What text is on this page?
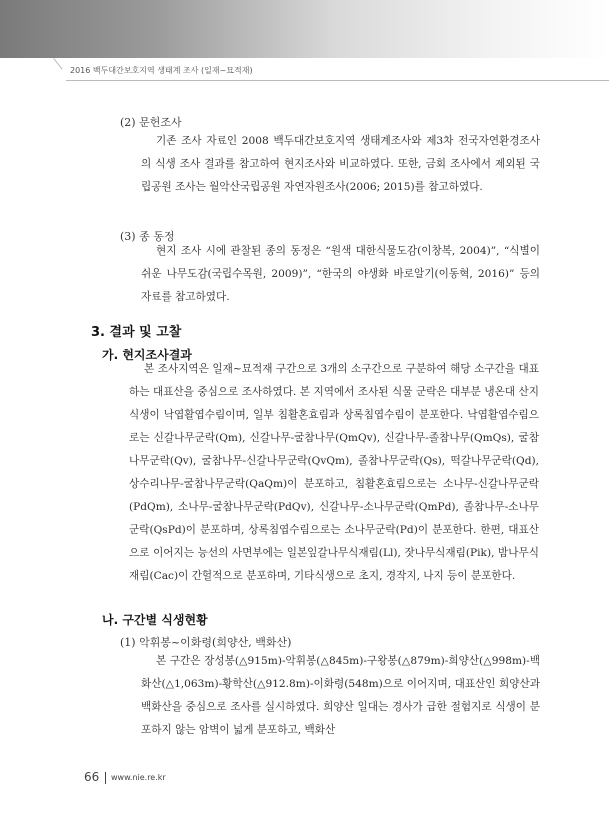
2016 백두대간보호지역 생태계 조사 (일재~묘적재)
(2) 문헌조사
기존 조사 자료인 2008 백두대간보호지역 생태계조사와 제3차 전국자연환경조사의 식생 조사 결과를 참고하여 현지조사와 비교하였다. 또한, 금회 조사에서 제외된 국립공원 조사는 월악산국립공원 자연자원조사(2006; 2015)를 참고하였다.
(3) 종 동정
현지 조사 시에 관찰된 종의 동정은 “원색 대한식물도감(이창복, 2004)”, “식별이 쉬운 나무도감(국립수목원, 2009)”, “한국의 야생화 바로알기(이동혁, 2016)” 등의 자료를 참고하였다.
3. 결과 및 고찰
가. 현지조사결과
본 조사지역은 일재~묘적재 구간으로 3개의 소구간으로 구분하여 해당 소구간을 대표하는 대표산을 중심으로 조사하였다. 본 지역에서 조사된 식물 군락은 대부분 냉온대 산지식생이 낙엽활엽수림이며, 일부 침활혼효림과 상록침엽수림이 분포한다. 낙엽활엽수림으로는 신갈나무군락(Qm), 신갈나무-굴참나무(QmQv), 신갈나무-졸참나무(QmQs), 굴참나무군락(Qv), 굴참나무-신갈나무군락(QvQm), 졸참나무군락(Qs), 떡갈나무군락(Qd), 상수리나무-굴참나무군락(QaQm)이 분포하고, 침활혼효림으로는 소나무-신갈나무군락(PdQm), 소나무-굴참나무군락(PdQv), 신갈나무-소나무군락(QmPd), 졸참나무-소나무군락(QsPd)이 분포하며, 상록침엽수림으로는 소나무군락(Pd)이 분포한다. 한편, 대표산으로 이어지는 능선의 사면부에는 일본잎갈나무식재림(Ll), 잣나무식재림(Pik), 밤나무식재림(Cac)이 간헐적으로 분포하며, 기타식생으로 초지, 경작지, 나지 등이 분포한다.
나. 구간별 식생현황
(1) 악휘봉~이화령(희양산, 백화산)
본 구간은 장성봉(△915m)-악휘봉(△845m)-구왕봉(△879m)-희양산(△998m)-백화산(△1,063m)-황학산(△912.8m)-이화령(548m)으로 이어지며, 대표산인 희양산과 백화산을 중심으로 조사를 실시하였다. 희양산 일대는 경사가 급한 절험지로 식생이 분포하지 않는 암벽이 넓게 분포하고, 백화산
66 www.nie.re.kr
